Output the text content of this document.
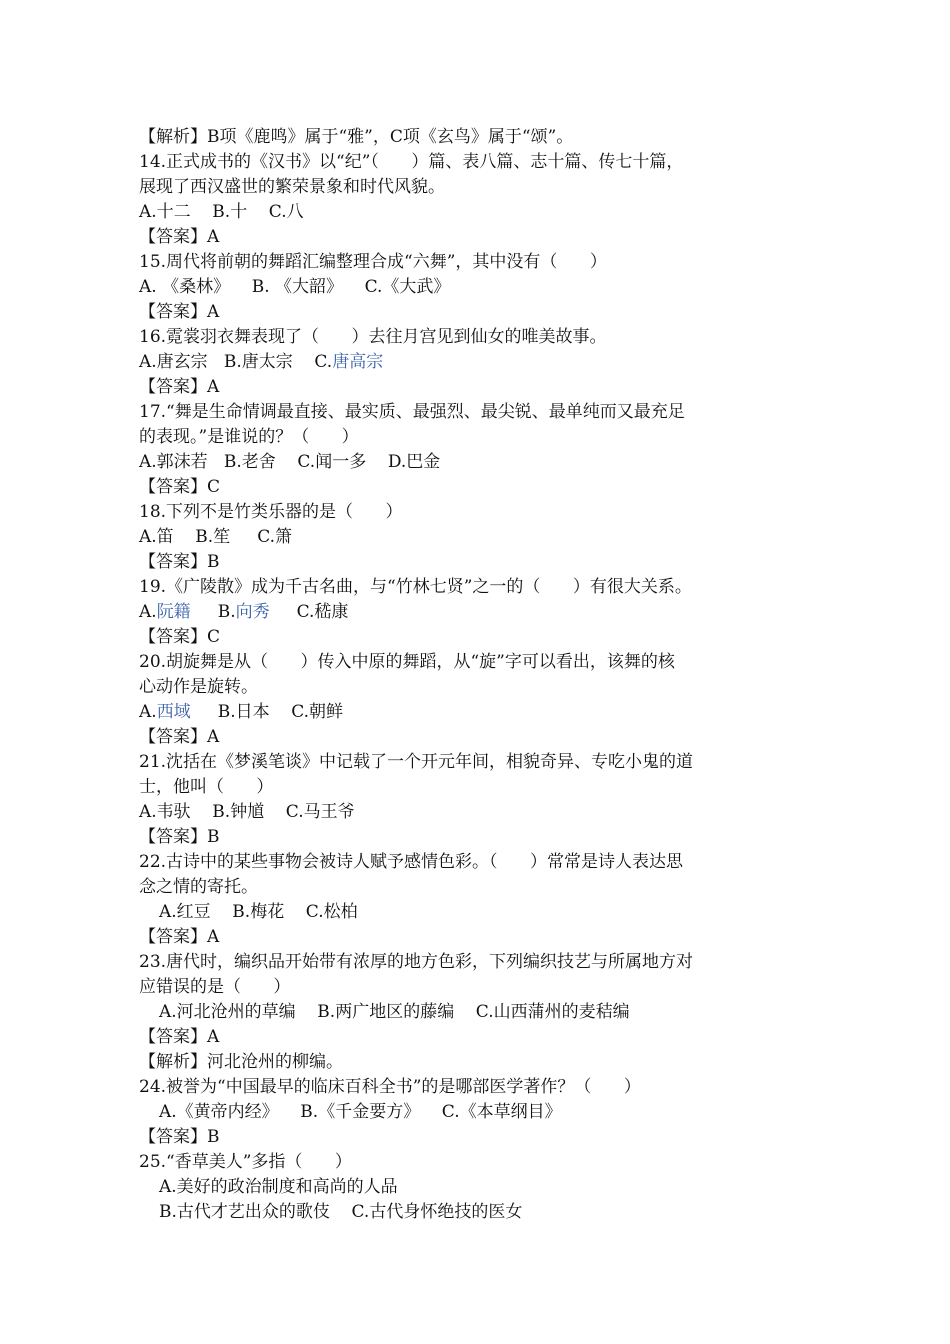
【解析】B项《鹿鸣》属于“雅”，C项《玄鸟》属于“颂”。
14.正式成书的《汉书》以“纪”（      ）篇、表八篇、志十篇、传七十篇，
展现了西汉盛世的繁荣景象和时代风貌。
A.十二    B.十    C.八
【答案】A
15.周代将前朝的舞蹈汇编整理合成“六舞”，其中没有（      ）
A. 《桑林》    B. 《大韶》    C.《大武》
【答案】A
16.霓裳羽衣舞表现了（      ）去往月宫见到仙女的唯美故事。
A.唐玄宗   B.唐太宗    C.唐高宗
【答案】A
17.“舞是生命情调最直接、最实质、最强烈、最尖锐、最单纯而又最充足
的表现。”是谁说的？（      ）
A.郭沫若   B.老舍    C.闻一多    D.巴金
【答案】C
18.下列不是竹类乐器的是（      ）
A.笛    B.笙     C.箫
【答案】B
19.《广陵散》成为千古名曲，与“竹林七贤”之一的（      ）有很大关系。
A.阮籍     B.向秀     C.嵇康
【答案】C
20.胡旋舞是从（      ）传入中原的舞蹈，从“旋”字可以看出，该舞的核
心动作是旋转。
A.西域     B.日本    C.朝鲜
【答案】A
21.沈括在《梦溪笔谈》中记载了一个开元年间，相貌奇异、专吃小鬼的道
士，他叫（      ）
A.韦驮    B.钟馗    C.马王爷
【答案】B
22.古诗中的某些事物会被诗人赋予感情色彩。（      ）常常是诗人表达思
念之情的寄托。
A.红豆    B.梅花    C.松柏
【答案】A
23.唐代时，编织品开始带有浓厚的地方色彩，下列编织技艺与所属地方对
应错误的是（      ）
A.河北沧州的草编    B.两广地区的藤编    C.山西蒲州的麦秸编
【答案】A
【解析】河北沧州的柳编。
24.被誉为“中国最早的临床百科全书”的是哪部医学著作？（      ）
A.《黄帝内经》    B.《千金要方》    C.《本草纲目》
【答案】B
25.“香草美人”多指（      ）
A.美好的政治制度和高尚的人品
B.古代才艺出众的歌伎    C.古代身怀绝技的医女
